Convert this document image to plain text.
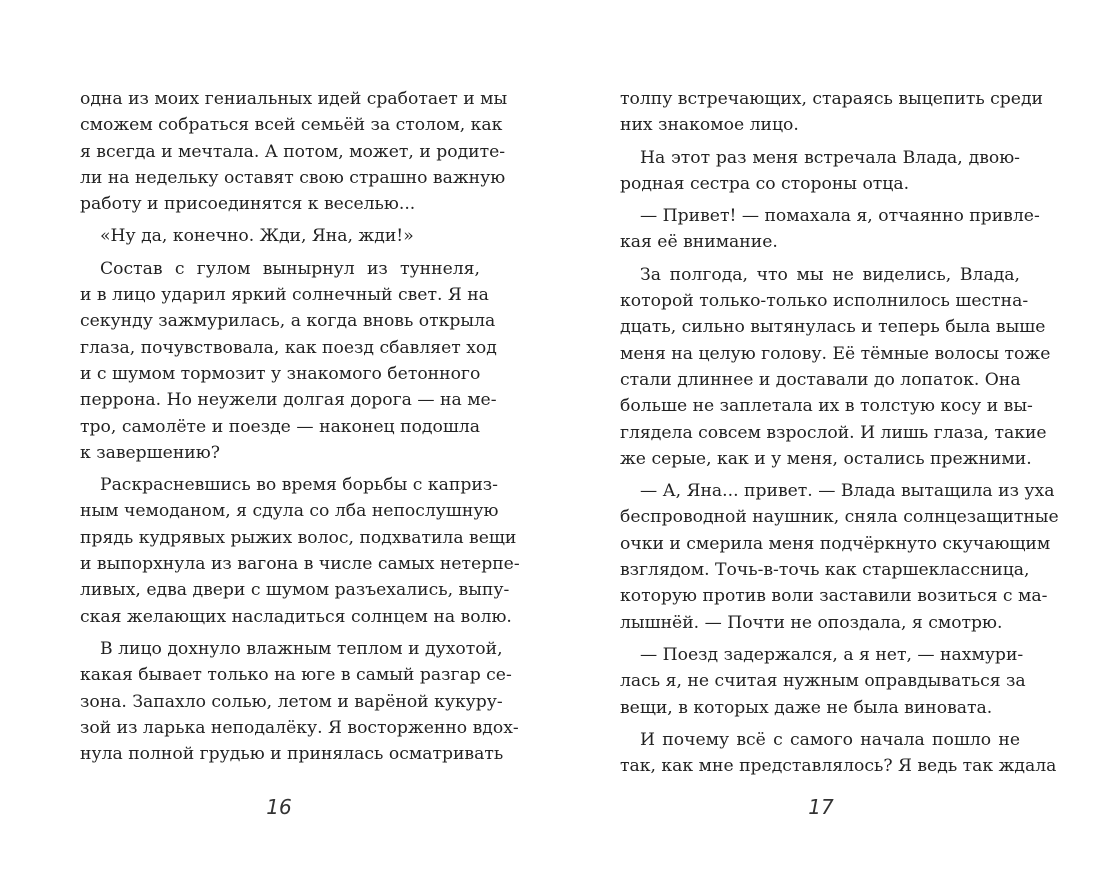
одна из моих гениальных идей сработает и мы
сможем собраться всей семьёй за столом, как
я всегда и мечтала. А потом, может, и родите-
ли на недельку оставят свою страшно важную
работу и присоединятся к веселью...
«Ну да, конечно. Жди, Яна, жди!»
Состав с гулом вынырнул из туннеля,
и в лицо ударил яркий солнечный свет. Я на
секунду зажмурилась, а когда вновь открыла
глаза, почувствовала, как поезд сбавляет ход
и с шумом тормозит у знакомого бетонного
перрона. Но неужели долгая дорога — на ме-
тро, самолёте и поезде — наконец подошла
к завершению?
Раскрасневшись во время борьбы с каприз-
ным чемоданом, я сдула со лба непослушную
прядь кудрявых рыжих волос, подхватила вещи
и выпорхнула из вагона в числе самых нетерпе-
ливых, едва двери с шумом разъехались, выпу-
ская желающих насладиться солнцем на волю.
В лицо дохнуло влажным теплом и духотой,
какая бывает только на юге в самый разгар се-
зона. Запахло солью, летом и варёной кукуру-
зой из ларька неподалёку. Я восторженно вдох-
нула полной грудью и принялась осматривать
16
толпу встречающих, стараясь выцепить среди
них знакомое лицо.
На этот раз меня встречала Влада, двою-
родная сестра со стороны отца.
— Привет! — помахала я, отчаянно привле-
кая её внимание.
За полгода, что мы не виделись, Влада,
которой только-только исполнилось шестна-
дцать, сильно вытянулась и теперь была выше
меня на целую голову. Её тёмные волосы тоже
стали длиннее и доставали до лопаток. Она
больше не заплетала их в толстую косу и вы-
глядела совсем взрослой. И лишь глаза, такие
же серые, как и у меня, остались прежними.
— А, Яна... привет. — Влада вытащила из уха
беспроводной наушник, сняла солнцезащитные
очки и смерила меня подчёркнуто скучающим
взглядом. Точь-в-точь как старшеклассница,
которую против воли заставили возиться с ма-
лышнёй. — Почти не опоздала, я смотрю.
— Поезд задержался, а я нет, — нахмури-
лась я, не считая нужным оправдываться за
вещи, в которых даже не была виновата.
И почему всё с самого начала пошло не
так, как мне представлялось? Я ведь так ждала
17
